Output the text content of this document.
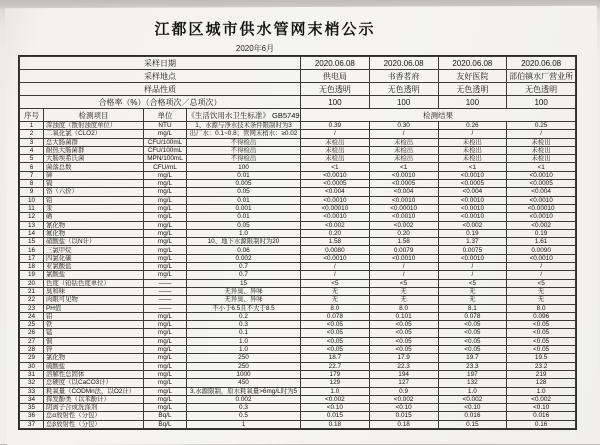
江都区城市供水管网末梢公示
2020年6月
采样日期				2020.06.08	2020.06.08	2020.06.08	2020.06.08
采样地点				供电局	书香茗府	友好医院	邵伯镇水厂营业所
样品性质				无色透明	无色透明	无色透明	无色透明
合格率（%）（合格项次／总项次）				100	100	100	100
序号	检测项目	单位	《生活饮用水卫生标准》 GB5749	检测结果			
1	浑浊度（散射浊度单位）	NTU	1、水源与净水技术条件限制时为3	0.39	0.30	0.26	0.25
2	二氧化氯（CLO2）	mg/L	出厂水：0.1~0.8；管网末梢水：≥0.02	/	/	/	/
3	总大肠菌群	CFU/100mL	不得检出	未检出	未检出	未检出	未检出
4	耐热大肠菌群	CFU/100mL	不得检出	未检出	未检出	未检出	未检出
5	大肠埃希氏菌	MPN/100mL	不得检出	未检出	未检出	未检出	未检出
6	菌落总数	CFU/mL	100	<1	<1	<1	<1
7	砷	mg/L	0.01	<0.0010	<0.0010	<0.0010	<0.0010
8	镉	mg/L	0.005	<0.0005	<0.0005	<0.0005	<0.0005
9	铬（六价）	mg/L	0.05	<0.004	<0.004	<0.004	<0.004
10	铅	mg/L	0.01	<0.0010	<0.0010	<0.0010	<0.0010
11	汞	mg/L	0.001	<0.00010	<0.00010	<0.0010	<0.00010
12	硒	mg/L	0.01	<0.0010	<0.0010	<0.0010	<0.0010
13	氰化物	mg/L	0.05	<0.002	<0.002	<0.002	<0.002
14	氟化物	mg/L	1.0	0.20	0.20	0.19	0.19
15	硝酸盐（以N计）	mg/L	10、地下水源限制时为20	1.58	1.58	1.37	1.61
16	三氯甲烷	mg/L	0.06	0.0080	0.0079	0.0075	0.0090
17	四氯化碳	mg/L	0.002	<0.0010	<0.0010	<0.0010	<0.0010
18	亚氯酸盐	mg/L	0.7	/	/	/	/
19	氯酸盐	mg/L	0.7	/	/	/	/
20	色度（铂钴色度单位）	——	15	<5	<5	<5	<5
21	臭和味	——	无异臭、异味	无	无	无	无
22	肉眼可见物	——	无异臭、异味	无	无	无	无
23	PH值	——	不小于6.5且不大于8.5	8.0	8.0	8.1	8.0
24	铝	mg/L	0.2	0.078	0.101	0.078	0.096
25	铁	mg/L	0.3	<0.05	<0.05	<0.05	<0.05
26	锰	mg/L	0.1	<0.05	<0.05	<0.05	<0.05
27	铜	mg/L	1.0	<0.05	<0.05	<0.05	<0.05
28	锌	mg/L	1.0	<0.05	<0.05	<0.05	<0.05
29	氯化物	mg/L	250	18.7	17.9	19.7	19.5
30	硫酸盐	mg/L	250	22.7	22.3	23.3	23.2
31	溶解性总固体	mg/L	1000	179	194	197	219
32	总硬度（以CaCO3计）	mg/L	450	129	127	132	128
33	耗氧量（CODMn法，以O2计）	mg/L	3,水源限制，原水耗氧量>6mg/L时为5	1.0	0.9	1.0	1.0
34	挥发酚类（以苯酚计）	mg/L	0.002	<0.002	<0.002	<0.002	<0.002
35	阴离子合成洗涤剂	mg/L	0.3	<0.10	<0.10	<0.10	<0.10
36	总α放射性（分包）	Bq/L	0.5	0.015	0.015	0.016	0.016
37	总β放射性（分包）	Bq/L	1	0.18	0.18	0.15	0.16
